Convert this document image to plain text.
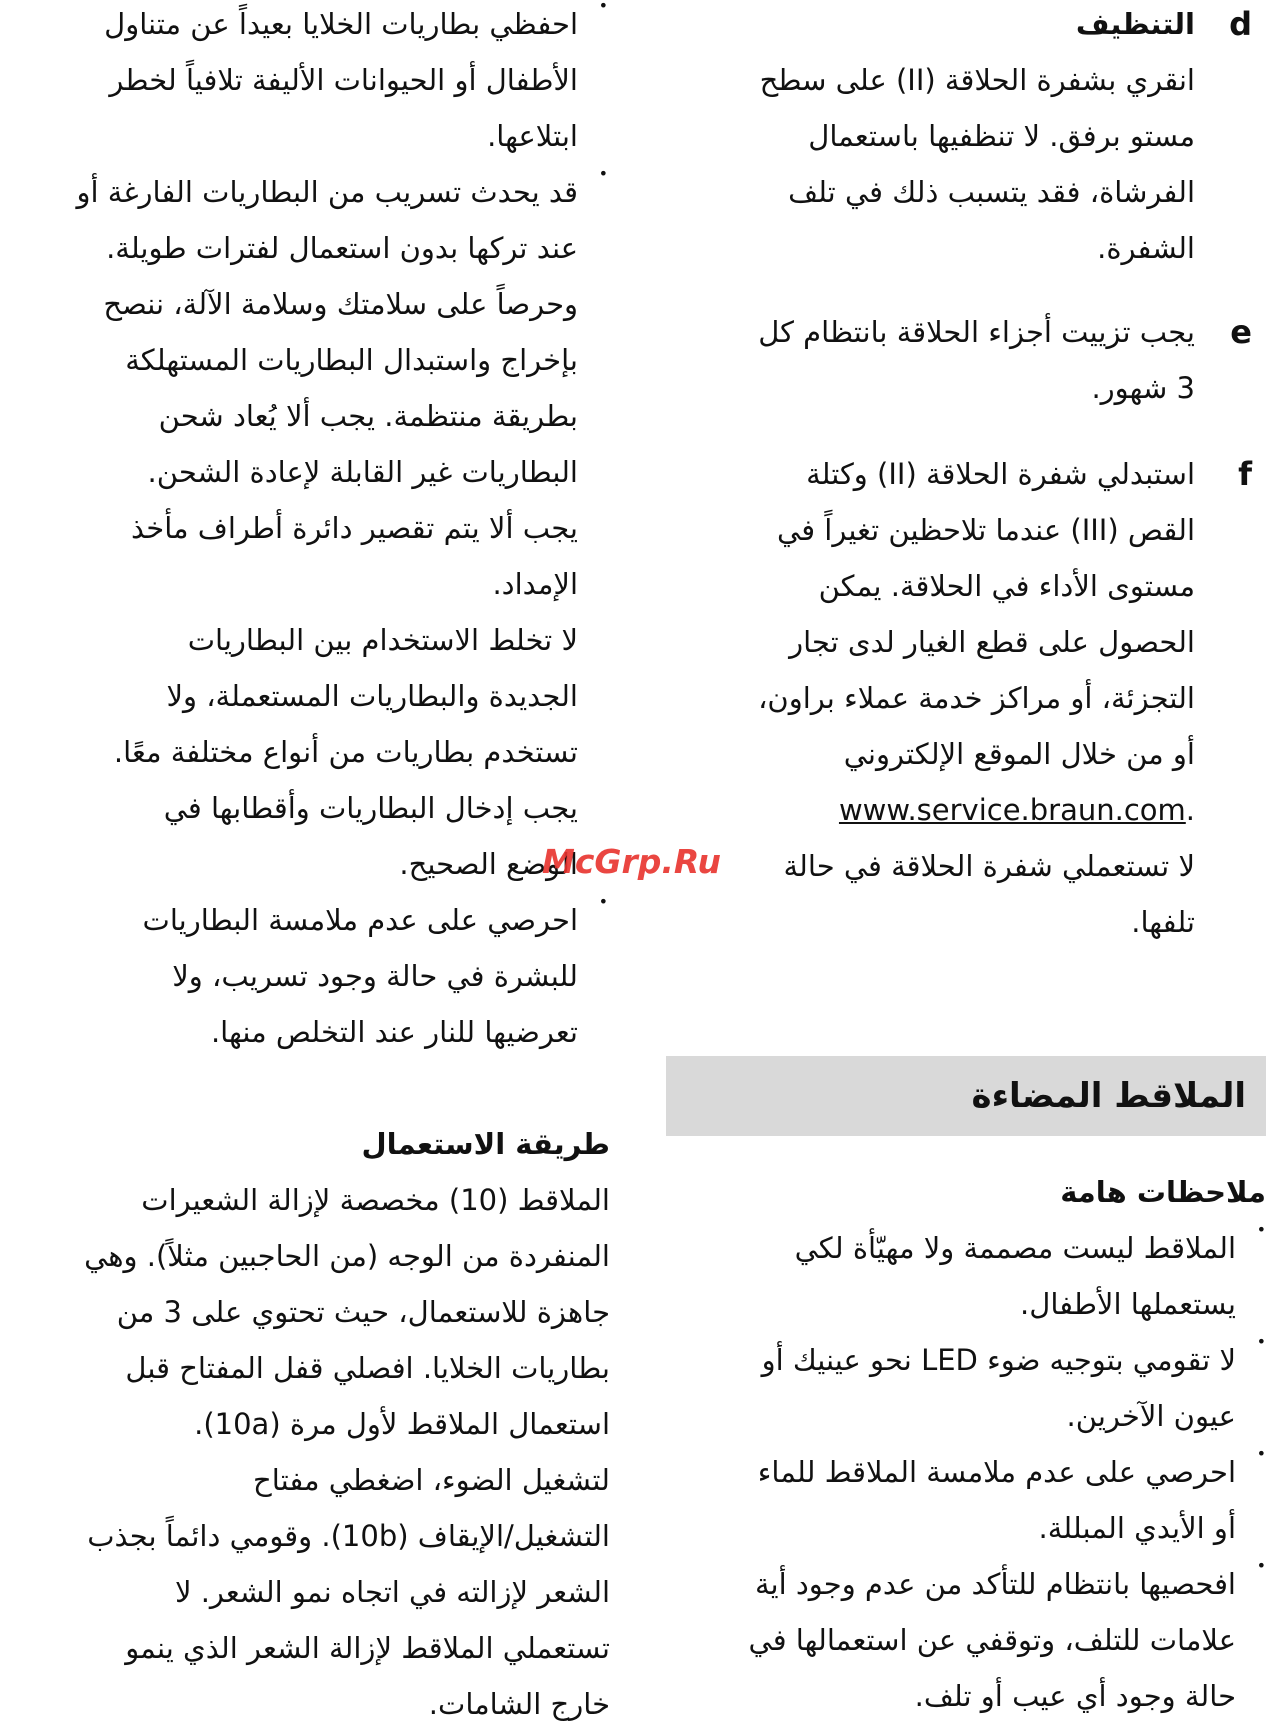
d

التنظيف

انقري بشفرة الحلاقة (II) على سطح

مستو برفق. لا تنظفيها باستعمال

الفرشاة، فقد يتسبب ذلك في تلف

الشفرة.

e

يجب تزييت أجزاء الحلاقة بانتظام كل

3 شهور.

f

استبدلي شفرة الحلاقة (II) وكتلة

القص (III) عندما تلاحظين تغيراً في

مستوى الأداء في الحلاقة. يمكن

الحصول على قطع الغيار لدى تجار

التجزئة، أو مراكز خدمة عملاء براون،

أو من خلال الموقع الإلكتروني

.www.service.braun.com

لا تستعملي شفرة الحلاقة في حالة

تلفها.

الملاقط المضاءة

ملاحظات هامة

• الملاقط ليست مصممة ولا مهيّأة لكي

يستعملها الأطفال.

• لا تقومي بتوجيه ضوء LED نحو عينيك أو

عيون الآخرين.

• احرصي على عدم ملامسة الملاقط للماء

أو الأيدي المبللة.

• افحصيها بانتظام للتأكد من عدم وجود أية

علامات للتلف، وتوقفي عن استعمالها في

حالة وجود أي عيب أو تلف.

• احفظي بطاريات الخلايا بعيداً عن متناول

الأطفال أو الحيوانات الأليفة تلافياً لخطر

ابتلاعها.

• قد يحدث تسريب من البطاريات الفارغة أو

عند تركها بدون استعمال لفترات طويلة.

وحرصاً على سلامتك وسلامة الآلة، ننصح

بإخراج واستبدال البطاريات المستهلكة

بطريقة منتظمة. يجب ألا يُعاد شحن

البطاريات غير القابلة لإعادة الشحن.

يجب ألا يتم تقصير دائرة أطراف مأخذ

الإمداد.

لا تخلط الاستخدام بين البطاريات

الجديدة والبطاريات المستعملة، ولا

تستخدم بطاريات من أنواع مختلفة معًا.

يجب إدخال البطاريات وأقطابها في

الوضع الصحيح.

• احرصي على عدم ملامسة البطاريات

للبشرة في حالة وجود تسريب، ولا

تعرضيها للنار عند التخلص منها.

طريقة الاستعمال

الملاقط (10) مخصصة لإزالة الشعيرات

المنفردة من الوجه (من الحاجبين مثلاً). وهي

جاهزة للاستعمال، حيث تحتوي على 3 من

بطاريات الخلايا. افصلي قفل المفتاح قبل

استعمال الملاقط لأول مرة (10a).

لتشغيل الضوء، اضغطي مفتاح

التشغيل/الإيقاف (10b). وقومي دائماً بجذب

الشعر لإزالته في اتجاه نمو الشعر. لا

تستعملي الملاقط لإزالة الشعر الذي ينمو

خارج الشامات.

McGrp.Ru
